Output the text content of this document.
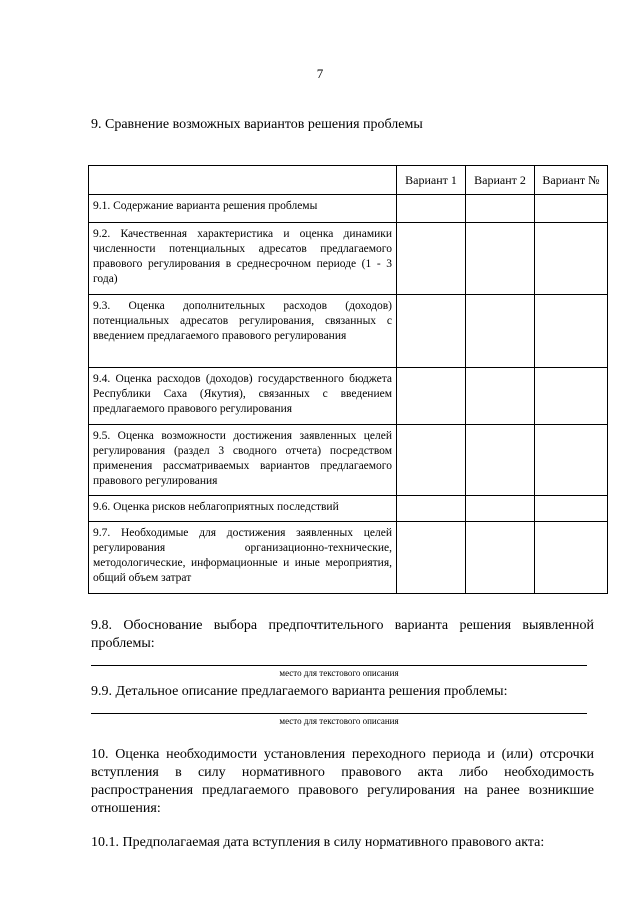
7
9. Сравнение возможных вариантов решения проблемы
	Вариант 1	Вариант 2	Вариант №
9.1. Содержание варианта решения проблемы			
9.2. Качественная характеристика и оценка динамики численности потенциальных адресатов предлагаемого правового регулирования в среднесрочном периоде (1 - 3 года)			
9.3. Оценка дополнительных расходов (доходов) потенциальных адресатов регулирования, связанных с введением предлагаемого правового регулирования			
9.4. Оценка расходов (доходов) государственного бюджета Республики Саха (Якутия), связанных с введением предлагаемого правового регулирования			
9.5. Оценка возможности достижения заявленных целей регулирования (раздел 3 сводного отчета) посредством применения рассматриваемых вариантов предлагаемого правового регулирования			
9.6. Оценка рисков неблагоприятных последствий			
9.7. Необходимые для достижения заявленных целей регулирования организационно-технические, методологические, информационные и иные мероприятия, общий объем затрат			
9.8. Обоснование выбора предпочтительного варианта решения выявленной проблемы:
место для текстового описания
9.9. Детальное описание предлагаемого варианта решения проблемы:
место для текстового описания
10. Оценка необходимости установления переходного периода и (или) отсрочки вступления в силу нормативного правового акта либо необходимость распространения предлагаемого правового регулирования на ранее возникшие отношения:
10.1. Предполагаемая дата вступления в силу нормативного правового акта:
